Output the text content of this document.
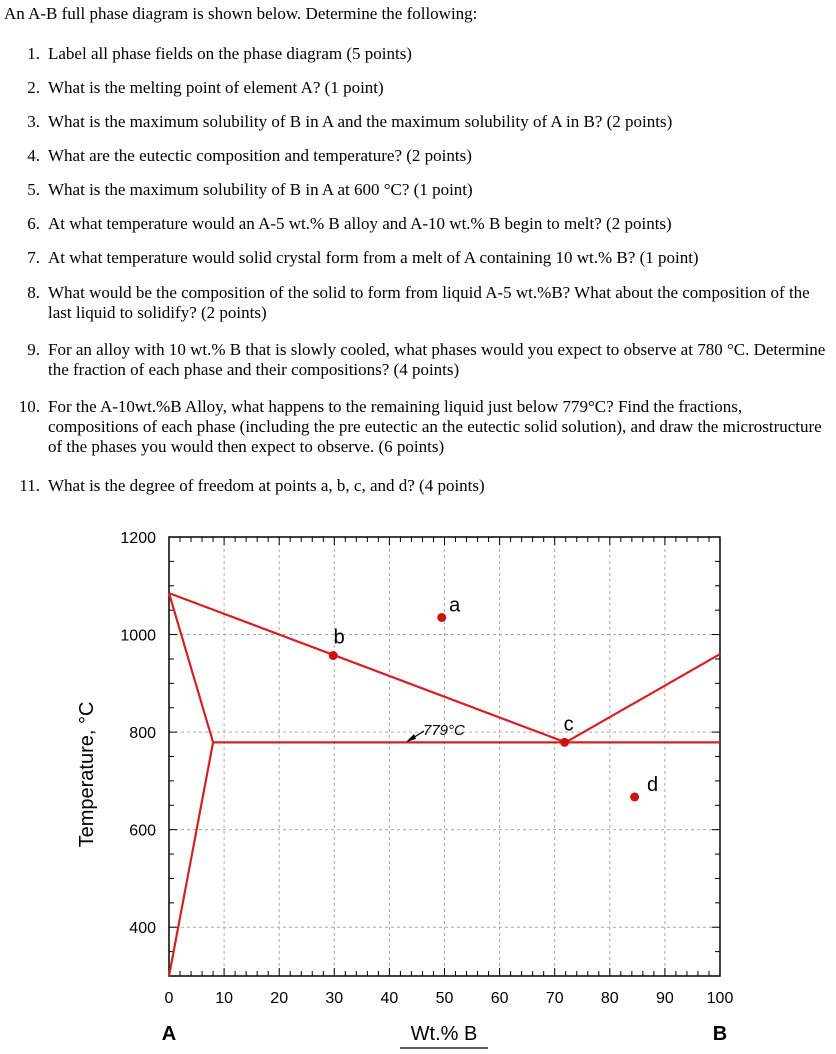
An A-B full phase diagram is shown below. Determine the following:
1. Label all phase fields on the phase diagram (5 points)
2. What is the melting point of element A? (1 point)
3. What is the maximum solubility of B in A and the maximum solubility of A in B? (2 points)
4. What are the eutectic composition and temperature? (2 points)
5. What is the maximum solubility of B in A at 600 °C? (1 point)
6. At what temperature would an A-5 wt.% B alloy and A-10 wt.% B begin to melt? (2 points)
7. At what temperature would solid crystal form from a melt of A containing 10 wt.% B? (1 point)
8. What would be the composition of the solid to form from liquid A-5 wt.%B? What about the composition of the last liquid to solidify? (2 points)
9. For an alloy with 10 wt.% B that is slowly cooled, what phases would you expect to observe at 780 °C. Determine the fraction of each phase and their compositions? (4 points)
10. For the A-10wt.%B Alloy, what happens to the remaining liquid just below 779°C? Find the fractions, compositions of each phase (including the pre eutectic an the eutectic solid solution), and draw the microstructure of the phases you would then expect to observe. (6 points)
11. What is the degree of freedom at points a, b, c, and d? (4 points)
0	10 20 30 40 50 60 70 80 90 100
400
600
800
1000
1200
Temperature, °C
Wt.% B
A	B
a
b
c
d
779°C
